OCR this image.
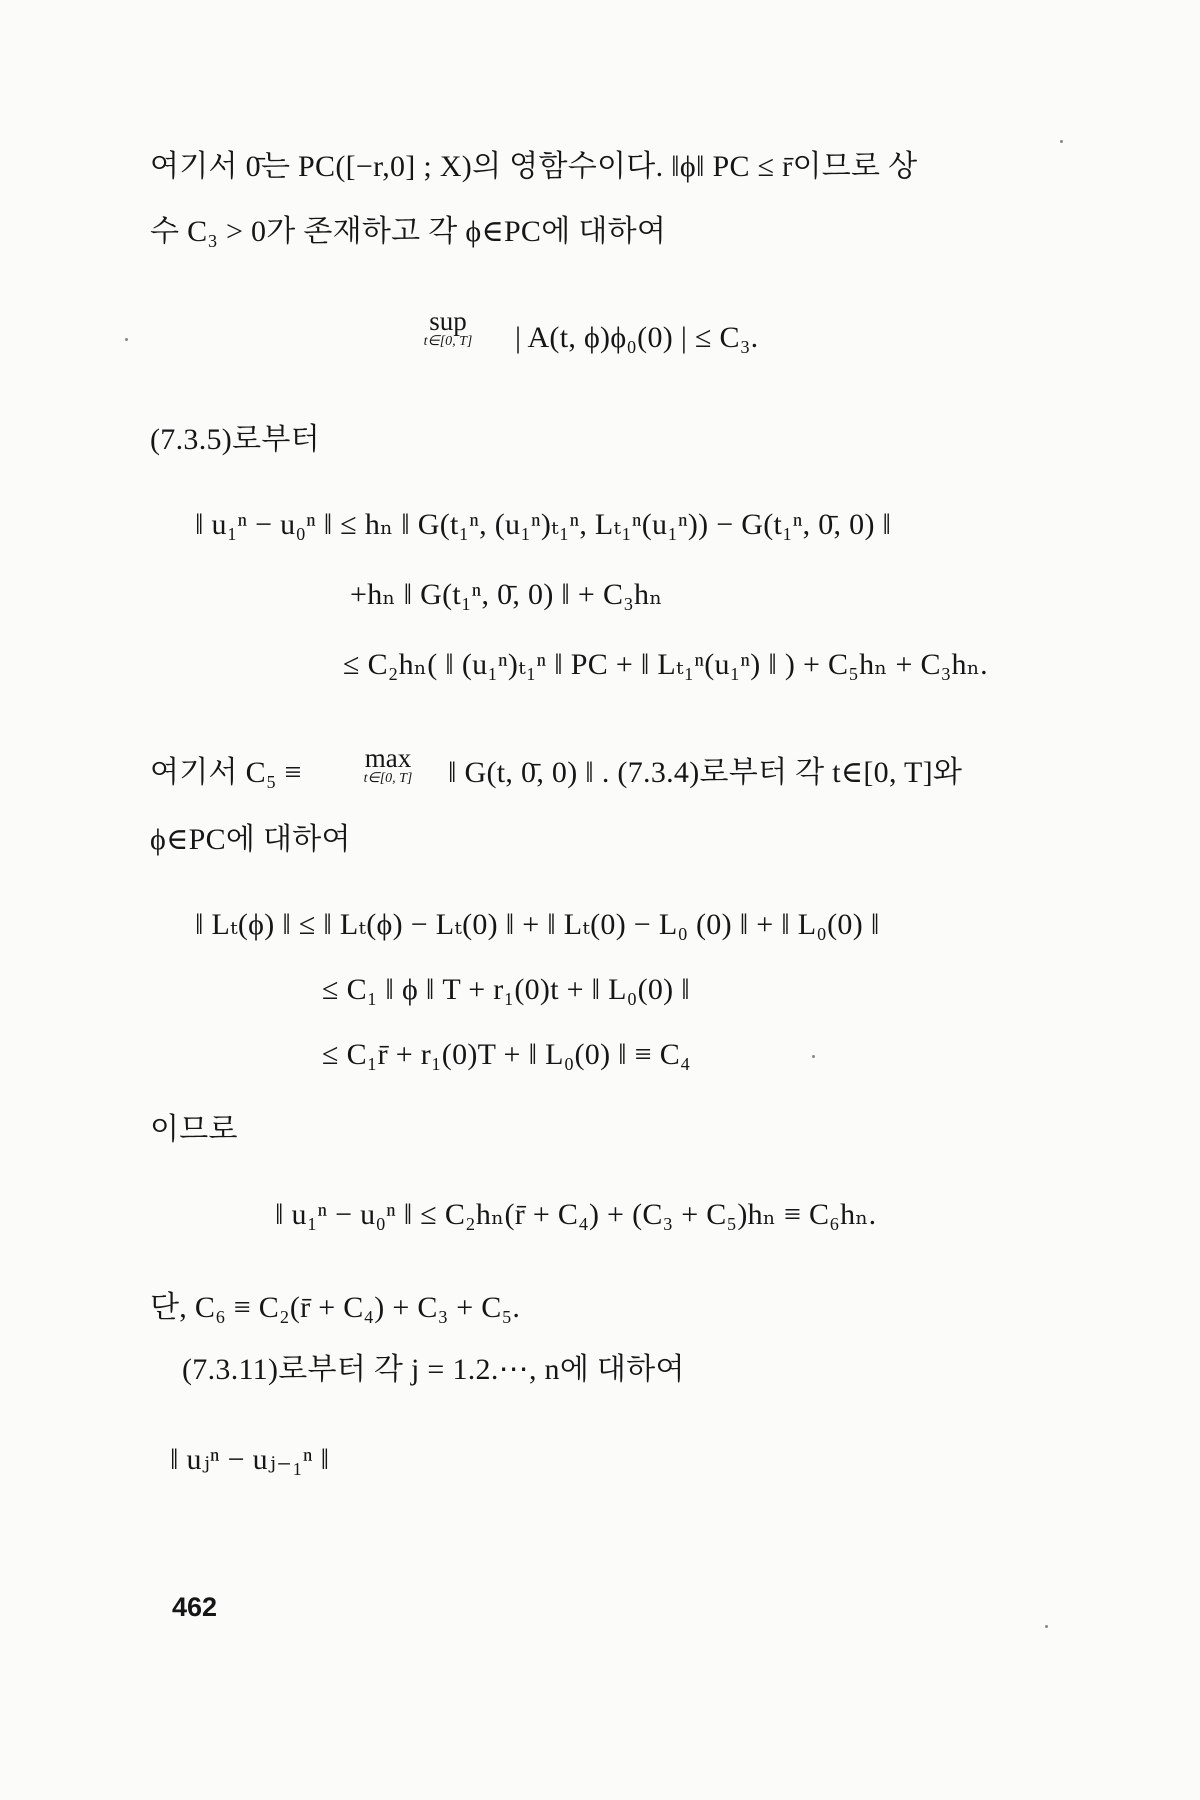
여기서 0̄는 PC([−r,0] ; X)의 영함수이다. ‖ϕ‖ PC ≤ r̄이므로 상
수 C₃ > 0가 존재하고 각 ϕ∈PC에 대하여
sup
t∈[0, T]	| A(t, ϕ)ϕ₀(0) | ≤ C₃.
(7.3.5)로부터
‖ u₁ⁿ − u₀ⁿ ‖ ≤ hₙ ‖ G(t₁ⁿ, (u₁ⁿ)ₜ₁ⁿ, Lₜ₁ⁿ(u₁ⁿ)) − G(t₁ⁿ, 0̄, 0) ‖
+hₙ ‖ G(t₁ⁿ, 0̄, 0) ‖ + C₃hₙ
≤ C₂hₙ( ‖ (u₁ⁿ)ₜ₁ⁿ ‖ PC + ‖ Lₜ₁ⁿ(u₁ⁿ) ‖ ) + C₅hₙ + C₃hₙ.
여기서 C₅ ≡	max
t∈[0, T]	‖ G(t, 0̄, 0) ‖ . (7.3.4)로부터 각 t∈[0, T]와
ϕ∈PC에 대하여
‖ Lₜ(ϕ) ‖ ≤ ‖ Lₜ(ϕ) − Lₜ(0) ‖ + ‖ Lₜ(0) − L₀ (0) ‖ + ‖ L₀(0) ‖
≤ C₁ ‖ ϕ ‖ T + r₁(0)t + ‖ L₀(0) ‖
≤ C₁r̄ + r₁(0)T + ‖ L₀(0) ‖ ≡ C₄
이므로
‖ u₁ⁿ − u₀ⁿ ‖ ≤ C₂hₙ(r̄ + C₄) + (C₃ + C₅)hₙ ≡ C₆hₙ.
단, C₆ ≡ C₂(r̄ + C₄) + C₃ + C₅.
(7.3.11)로부터 각 j = 1.2.⋯, n에 대하여
‖ uⱼⁿ − uⱼ₋₁ⁿ ‖
462
